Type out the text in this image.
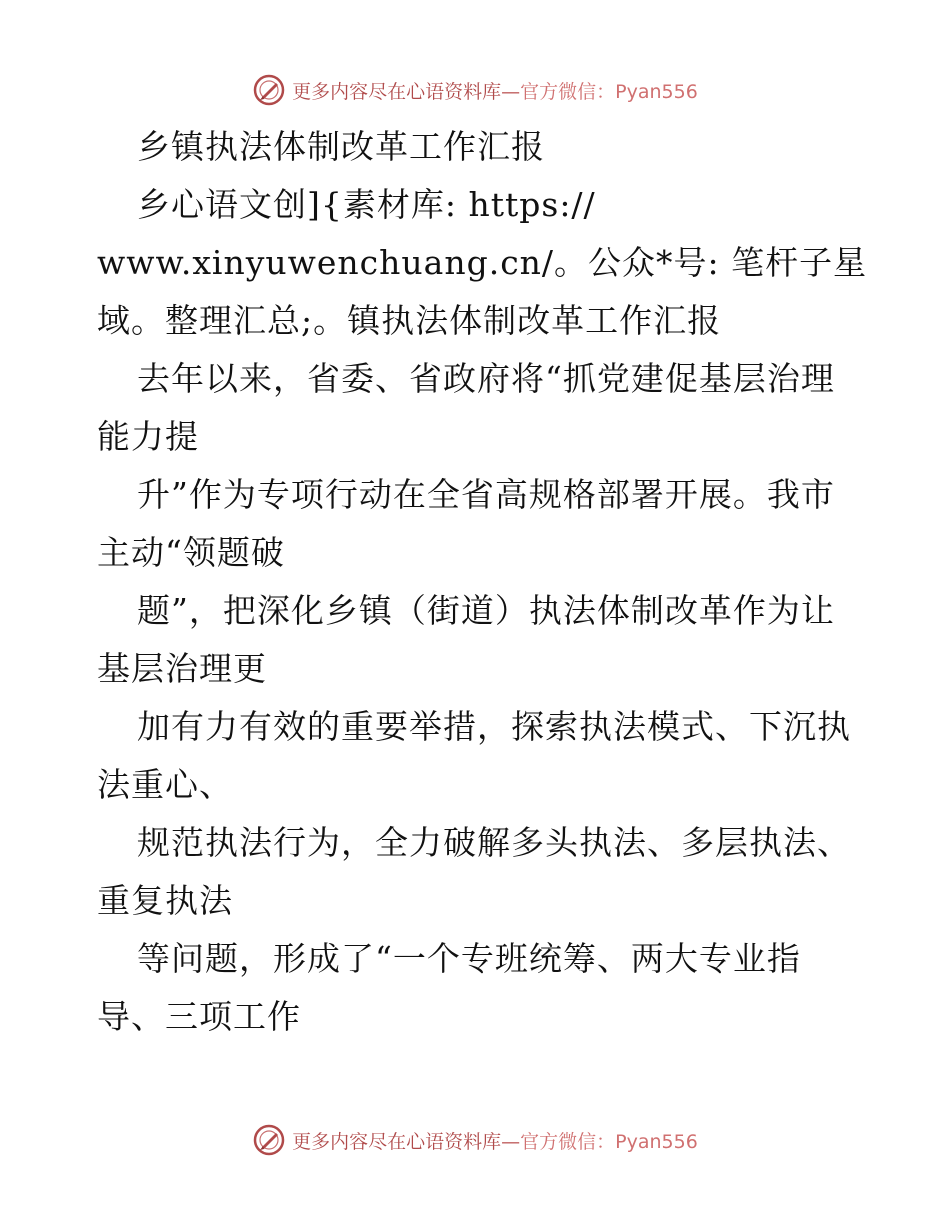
更多内容尽在心语资料库—官方微信：Pyan556
乡镇执法体制改革工作汇报
乡心语文创]{素材库: https://
www.xinyuwenchuang.cn/。公众*号: 笔杆子星
域。整理汇总;。镇执法体制改革工作汇报
去年以来，省委、省政府将“抓党建促基层治理
能力提
升”作为专项行动在全省高规格部署开展。我市
主动“领题破
题”，把深化乡镇（街道）执法体制改革作为让
基层治理更
加有力有效的重要举措，探索执法模式、下沉执
法重心、
规范执法行为，全力破解多头执法、多层执法、
重复执法
等问题，形成了“一个专班统筹、两大专业指
导、三项工作
更多内容尽在心语资料库—官方微信：Pyan556
